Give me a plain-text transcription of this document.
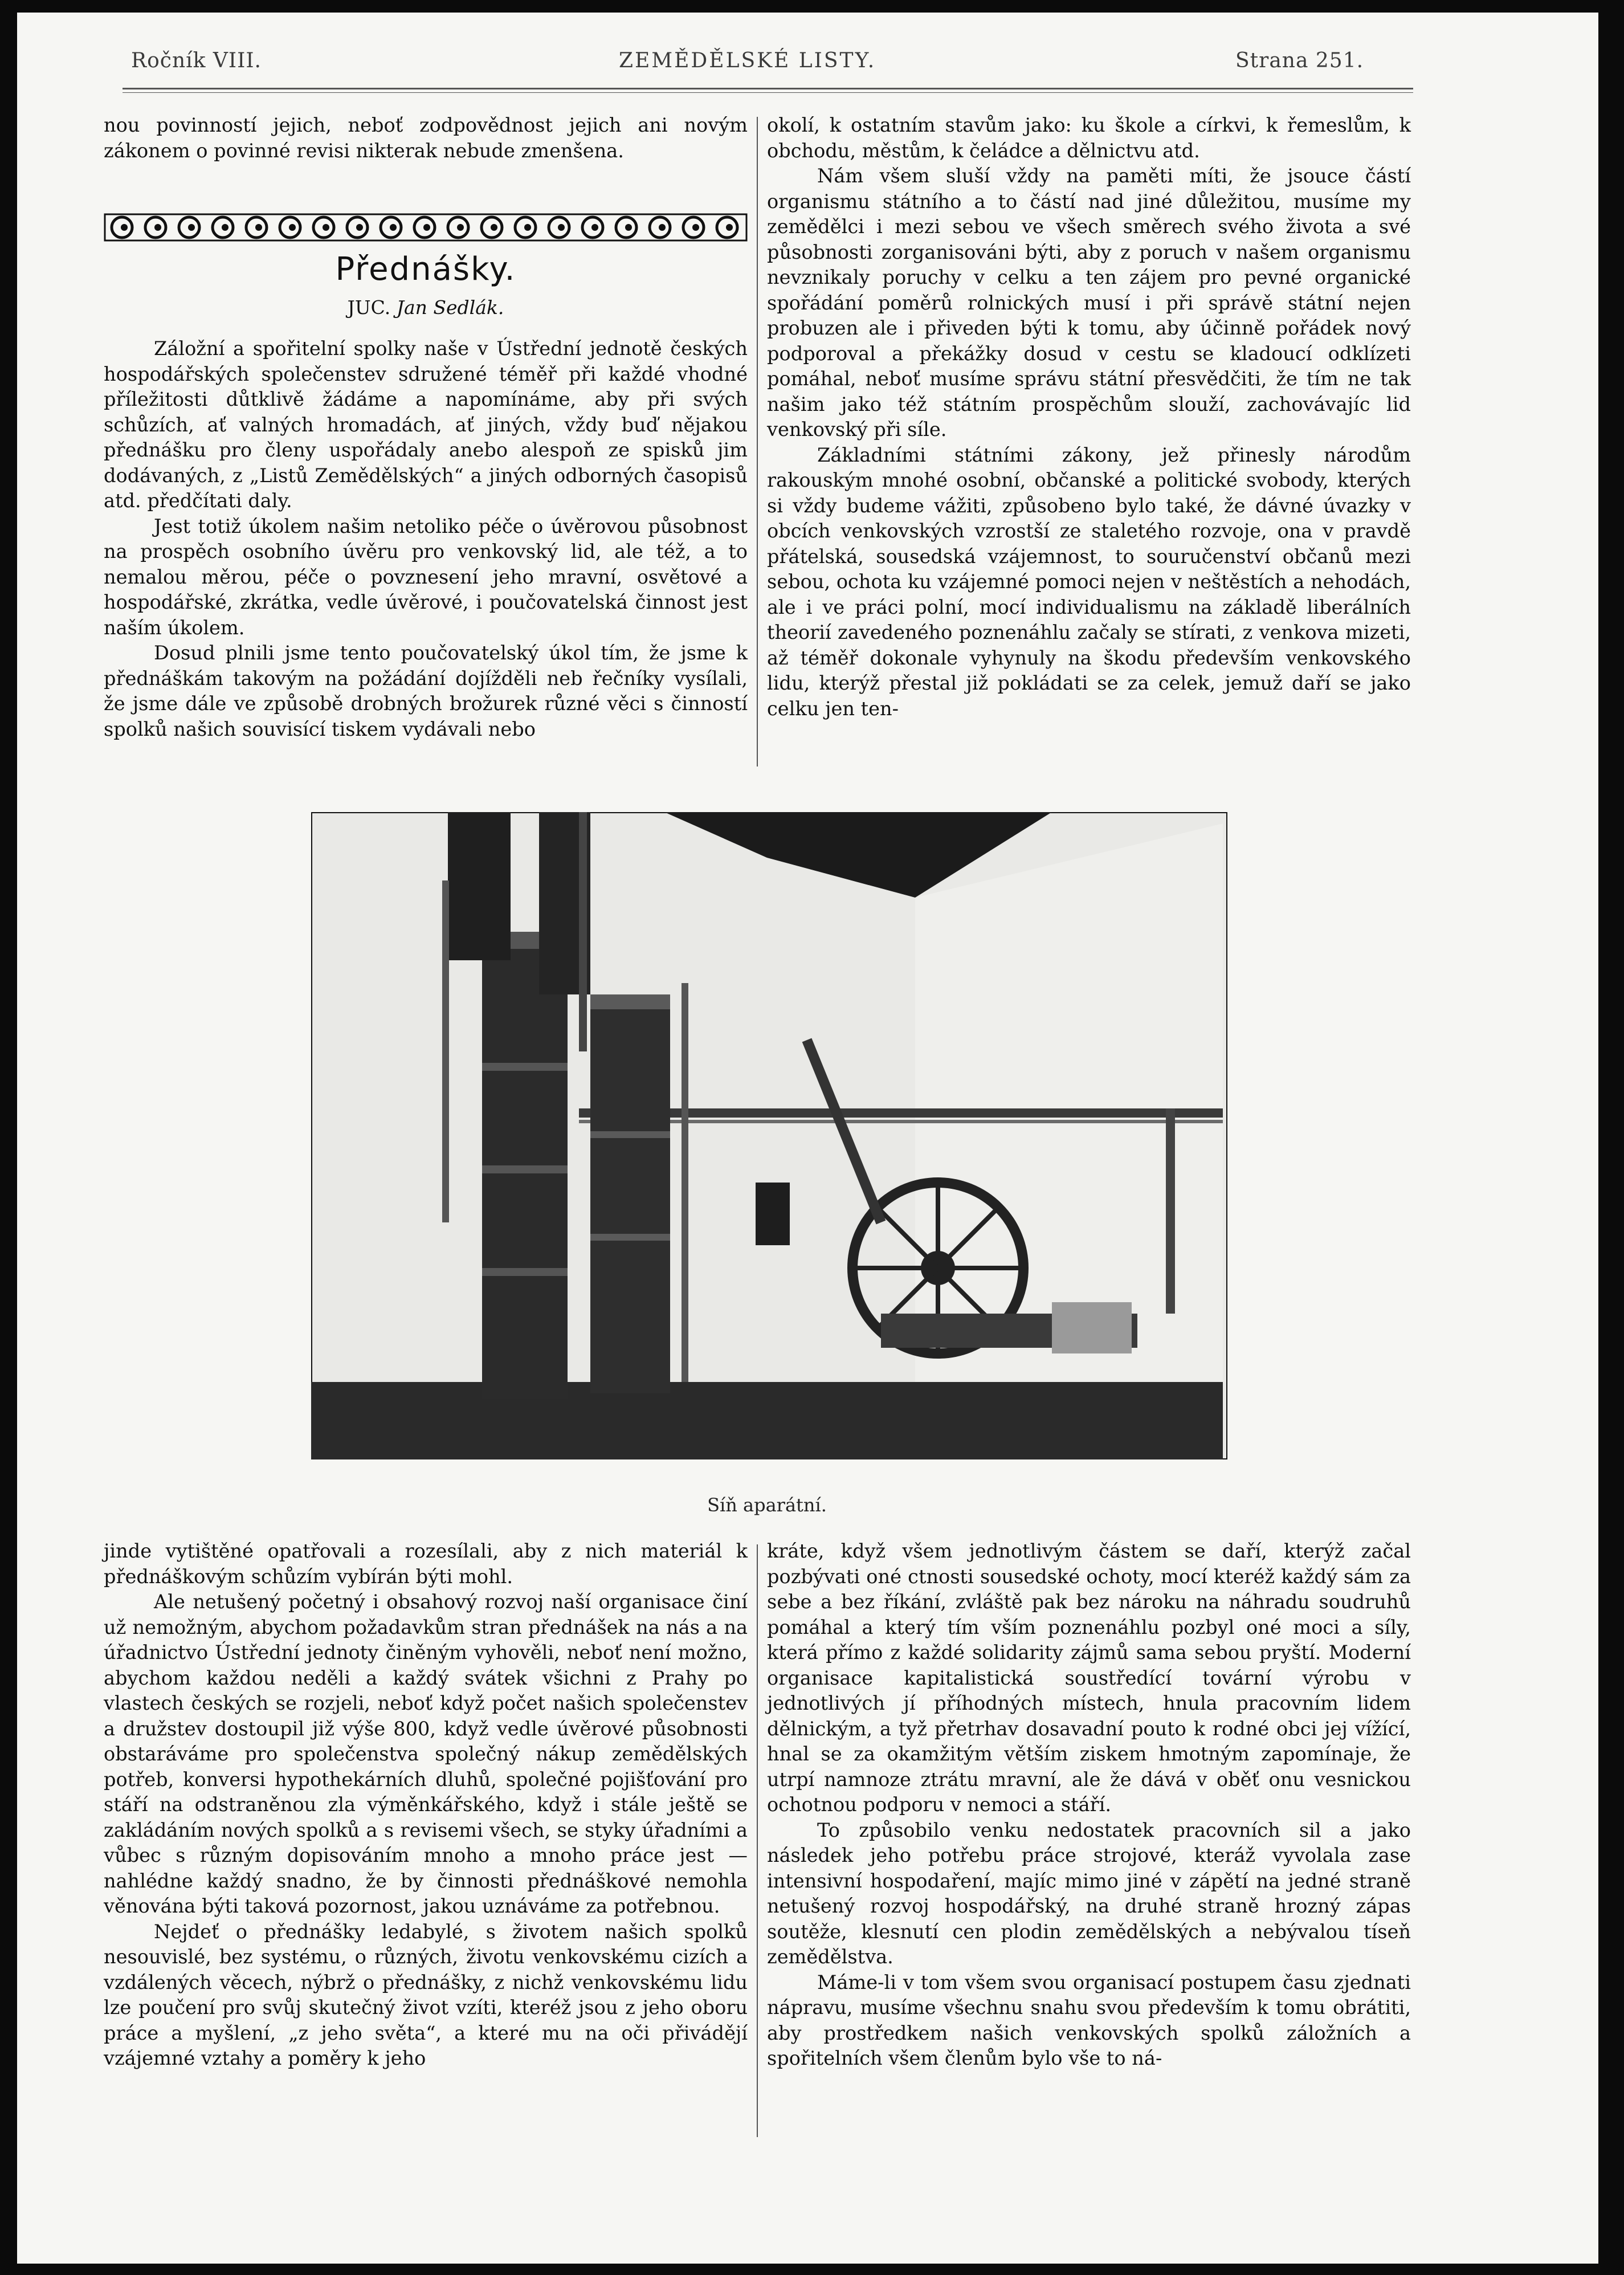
Ročník VIII.	ZEMĚDĚLSKÉ LISTY.	Strana 251.

nou povinností jejich, neboť zodpovědnost jejich ani novým zákonem o povinné revisi nikterak nebude zmenšena.

Přednášky.
JUC. Jan Sedlák.

Záložní a spořitelní spolky naše v Ústřední jednotě českých hospodářských společenstev sdružené téměř při každé vhodné příležitosti důtklivě žádáme a napomínáme, aby při svých schůzích, ať valných hromadách, ať jiných, vždy buď nějakou přednášku pro členy uspořádaly anebo alespoň ze spisků jim dodávaných, z „Listů Zemědělských“ a jiných odborných časopisů atd. předčítati daly.

Jest totiž úkolem našim netoliko péče o úvěrovou působnost na prospěch osobního úvěru pro venkovský lid, ale též, a to nemalou měrou, péče o povznesení jeho mravní, osvětové a hospodářské, zkrátka, vedle úvěrové, i poučovatelská činnost jest naším úkolem.

Dosud plnili jsme tento poučovatelský úkol tím, že jsme k přednáškám takovým na požádání dojížděli neb řečníky vysílali, že jsme dále ve způsobě drobných brožurek různé věci s činností spolků našich souvisící tiskem vydávali nebo

okolí, k ostatním stavům jako: ku škole a církvi, k řemeslům, k obchodu, městům, k čeládce a dělnictvu atd.

Nám všem sluší vždy na paměti míti, že jsouce částí organismu státního a to částí nad jiné důležitou, musíme my zemědělci i mezi sebou ve všech směrech svého života a své působnosti zorganisováni býti, aby z poruch v našem organismu nevznikaly poruchy v celku a ten zájem pro pevné organické spořádání poměrů rolnických musí i při správě státní nejen probuzen ale i přiveden býti k tomu, aby účinně pořádek nový podporoval a překážky dosud v cestu se kladoucí odklízeti pomáhal, neboť musíme správu státní přesvědčiti, že tím ne tak našim jako též státním prospěchům slouží, zachovávajíc lid venkovský při síle.

Základními státními zákony, jež přinesly národům rakouským mnohé osobní, občanské a politické svobody, kterých si vždy budeme vážiti, způsobeno bylo také, že dávné úvazky v obcích venkovských vzrostší ze staletého rozvoje, ona v pravdě přátelská, sousedská vzájemnost, to souručenství občanů mezi sebou, ochota ku vzájemné pomoci nejen v neštěstích a nehodách, ale i ve práci polní, mocí individualismu na základě liberálních theorií zavedeného poznenáhlu začaly se stírati, z venkova mizeti, až téměř dokonale vyhynuly na škodu především venkovského lidu, kterýž přestal již pokládati se za celek, jemuž daří se jako celku jen ten-

Síň aparátní.

jinde vytištěné opatřovali a rozesílali, aby z nich materiál k přednáškovým schůzím vybírán býti mohl.

Ale netušený početný i obsahový rozvoj naší organisace činí už nemožným, abychom požadavkům stran přednášek na nás a na úřadnictvo Ústřední jednoty činěným vyhověli, neboť není možno, abychom každou neděli a každý svátek všichni z Prahy po vlastech českých se rozjeli, neboť když počet našich společenstev a družstev dostoupil již výše 800, když vedle úvěrové působnosti obstaráváme pro společenstva společný nákup zemědělských potřeb, konversi hypothekárních dluhů, společné pojišťování pro stáří na odstraněnou zla výměnkářského, když i stále ještě se zakládáním nových spolků a s revisemi všech, se styky úřadními a vůbec s různým dopisováním mnoho a mnoho práce jest — nahlédne každý snadno, že by činnosti přednáškové nemohla věnována býti taková pozornost, jakou uznáváme za potřebnou.

Nejdeť o přednášky ledabylé, s životem našich spolků nesouvislé, bez systému, o různých, životu venkovskému cizích a vzdálených věcech, nýbrž o přednášky, z nichž venkovskému lidu lze poučení pro svůj skutečný život vzíti, kteréž jsou z jeho oboru práce a myšlení, „z jeho světa“, a které mu na oči přivádějí vzájemné vztahy a poměry k jeho

kráte, když všem jednotlivým částem se daří, kterýž začal pozbývati oné ctnosti sousedské ochoty, mocí kteréž každý sám za sebe a bez říkání, zvláště pak bez nároku na náhradu soudruhů pomáhal a který tím vším poznenáhlu pozbyl oné moci a síly, která přímo z každé solidarity zájmů sama sebou pryští. Moderní organisace kapitalistická soustředící tovární výrobu v jednotlivých jí příhodných místech, hnula pracovním lidem dělnickým, a tyž přetrhav dosavadní pouto k rodné obci jej vížící, hnal se za okamžitým větším ziskem hmotným zapomínaje, že utrpí namnoze ztrátu mravní, ale že dává v oběť onu vesnickou ochotnou podporu v nemoci a stáří.

To způsobilo venku nedostatek pracovních sil a jako následek jeho potřebu práce strojové, kteráž vyvolala zase intensivní hospodaření, majíc mimo jiné v zápětí na jedné straně netušený rozvoj hospodářský, na druhé straně hrozný zápas soutěže, klesnutí cen plodin zemědělských a nebývalou tíseň zemědělstva.

Máme-li v tom všem svou organisací postupem času zjednati nápravu, musíme všechnu snahu svou především k tomu obrátiti, aby prostředkem našich venkovských spolků záložních a spořitelních všem členům bylo vše to ná-
